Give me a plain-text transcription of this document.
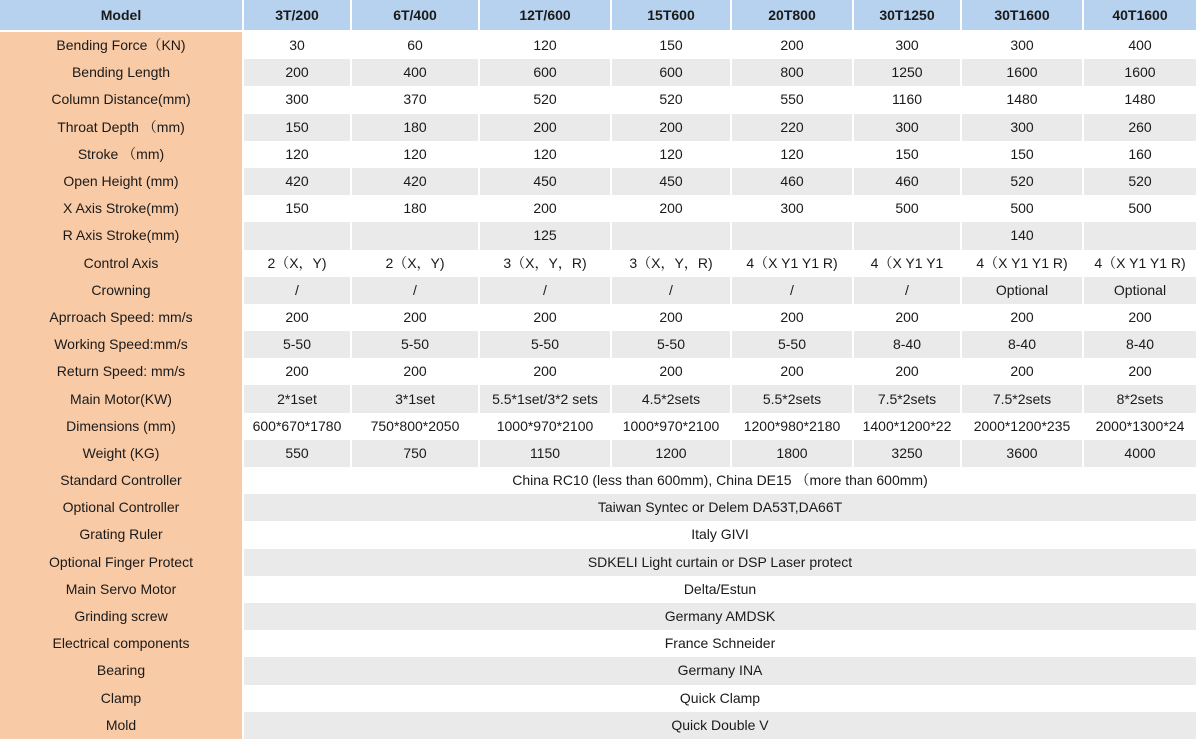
Model	3T/200	6T/400	12T/600	15T600	20T800	30T1250	30T1600	40T1600
Bending Force（KN)	30	60	120	150	200	300	300	400
Bending Length	200	400	600	600	800	1250	1600	1600
Column Distance(mm)	300	370	520	520	550	1160	1480	1480
Throat Depth （mm)	150	180	200	200	220	300	300	260
Stroke （mm)	120	120	120	120	120	150	150	160
Open Height (mm)	420	420	450	450	460	460	520	520
X Axis Stroke(mm)	150	180	200	200	300	500	500	500
R Axis Stroke(mm)			125				140	
Control Axis	2（X，Y)	2（X，Y)	3（X，Y，R)	3（X，Y，R)	4（X Y1 Y1 R)	4（X Y1 Y1	4（X Y1 Y1 R)	4（X Y1 Y1 R)
Crowning	/	/	/	/	/	/	Optional	Optional
Aprroach Speed: mm/s	200	200	200	200	200	200	200	200
Working Speed:mm/s	5-50	5-50	5-50	5-50	5-50	8-40	8-40	8-40
Return Speed: mm/s	200	200	200	200	200	200	200	200
Main Motor(KW)	2*1set	3*1set	5.5*1set/3*2 sets	4.5*2sets	5.5*2sets	7.5*2sets	7.5*2sets	8*2sets
Dimensions (mm)	600*670*1780	750*800*2050	1000*970*2100	1000*970*2100	1200*980*2180	1400*1200*22	2000*1200*235	2000*1300*24
Weight (KG)	550	750	1150	1200	1800	3250	3600	4000
Standard Controller	China RC10 (less than 600mm), China DE15 （more than 600mm)							
Optional Controller	Taiwan Syntec or Delem DA53T,DA66T							
Grating Ruler	Italy GIVI							
Optional Finger Protect	SDKELI Light curtain or DSP Laser protect							
Main Servo Motor	Delta/Estun							
Grinding screw	Germany AMDSK							
Electrical components	France Schneider							
Bearing	Germany INA							
Clamp	Quick Clamp							
Mold	Quick Double V							
